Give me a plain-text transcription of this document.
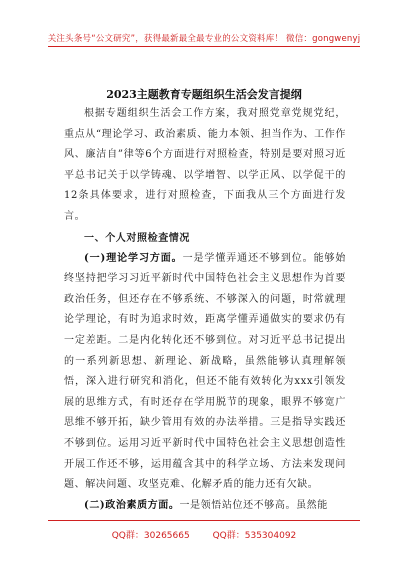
关注头条号“公文研究”，获得最新最全最专业的公文资料库！ 微信：gongwenyj
2023主题教育专题组织生活会发言提纲

根据专题组织生活会工作方案，我对照党章党规党纪，重点从“理论学习、政治素质、能力本领、担当作为、工作作风、廉洁自”律等6个方面进行对照检查，特别是要对照习近平总书记关于以学铸魂、以学增智、以学正风、以学促干的12条具体要求，进行对照检查，下面我从三个方面进行发言。

一、个人对照检查情况

(一)理论学习方面。一是学懂弄通还不够到位。能够始终坚持把学习习近平新时代中国特色社会主义思想作为首要政治任务，但还存在不够系统、不够深入的问题，时常就理论学理论，有时为追求时效，距离学懂弄通做实的要求仍有一定差距。二是内化转化还不够到位。对习近平总书记提出的一系列新思想、新理论、新战略，虽然能够认真理解领悟，深入进行研究和消化，但还不能有效转化为xxx引领发展的思维方式，有时还存在学用脱节的现象，眼界不够宽广思维不够开拓，缺少管用有效的办法举措。三是指导实践还不够到位。运用习近平新时代中国特色社会主义思想创造性开展工作还不够，运用蕴含其中的科学立场、方法来发现问题、解决问题、攻坚克难、化解矛盾的能力还有欠缺。

(二)政治素质方面。一是领悟站位还不够高。虽然能

QQ群：30265665	QQ群：535304092
